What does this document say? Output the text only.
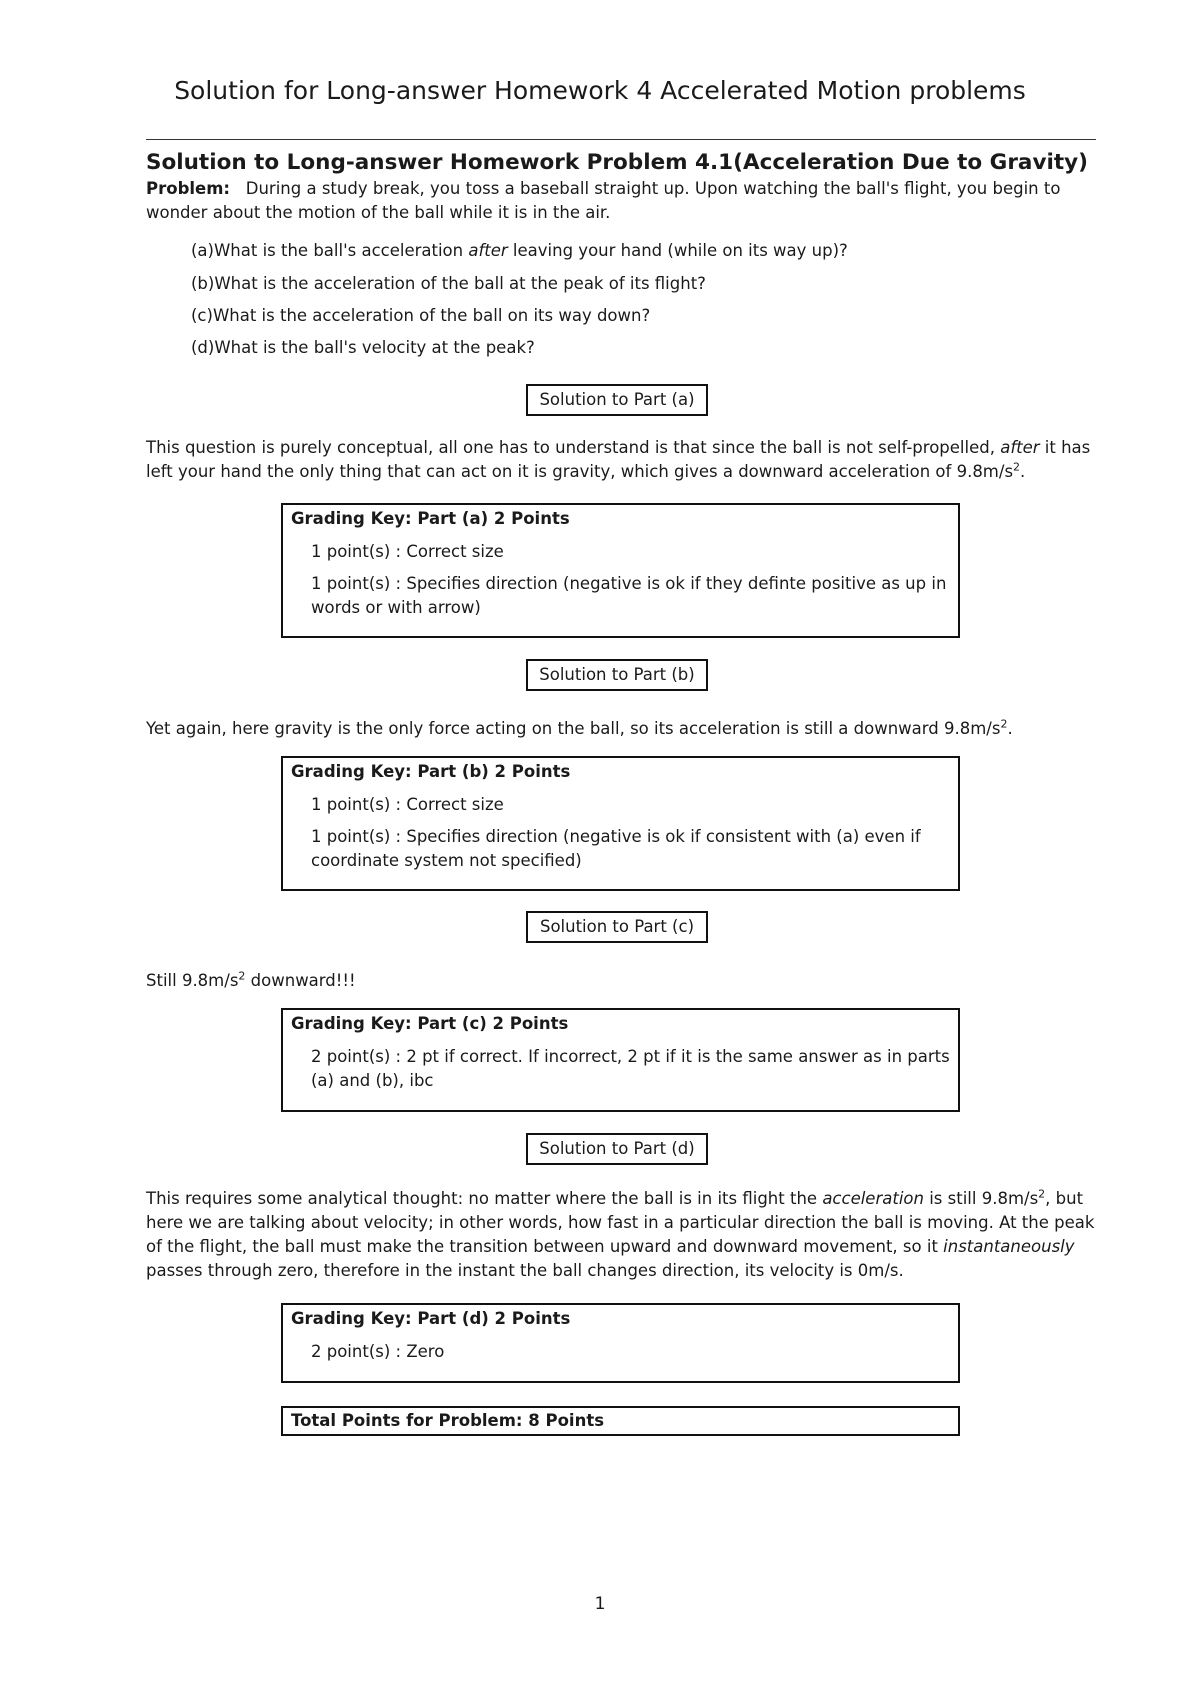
Solution for Long-answer Homework 4 Accelerated Motion problems
Solution to Long-answer Homework Problem 4.1(Acceleration Due to Gravity)
Problem: During a study break, you toss a baseball straight up. Upon watching the ball's flight, you begin to wonder about the motion of the ball while it is in the air.
(a)What is the ball's acceleration after leaving your hand (while on its way up)?
(b)What is the acceleration of the ball at the peak of its flight?
(c)What is the acceleration of the ball on its way down?
(d)What is the ball's velocity at the peak?
Solution to Part (a)
This question is purely conceptual, all one has to understand is that since the ball is not self-propelled, after it has left your hand the only thing that can act on it is gravity, which gives a downward acceleration of $9.8m/s^2$.
Grading Key: Part (a) 2 Points
1 point(s) : Correct size
1 point(s) : Specifies direction (negative is ok if they definte positive as up in words or with arrow)
Solution to Part (b)
Yet again, here gravity is the only force acting on the ball, so its acceleration is still a downward $9.8m/s^2$.
Grading Key: Part (b) 2 Points
1 point(s) : Correct size
1 point(s) : Specifies direction (negative is ok if consistent with (a) even if coordinate system not specified)
Solution to Part (c)
Still $9.8m/s^2$ downward!!!
Grading Key: Part (c) 2 Points
2 point(s) : 2 pt if correct. If incorrect, 2 pt if it is the same answer as in parts (a) and (b), ibc
Solution to Part (d)
This requires some analytical thought: no matter where the ball is in its flight the acceleration is still $9.8m/s^2$, but here we are talking about velocity; in other words, how fast in a particular direction the ball is moving. At the peak of the flight, the ball must make the transition between upward and downward movement, so it instantaneously passes through zero, therefore in the instant the ball changes direction, its velocity is 0m/s.
Grading Key: Part (d) 2 Points
2 point(s) : Zero
Total Points for Problem: 8 Points
1
